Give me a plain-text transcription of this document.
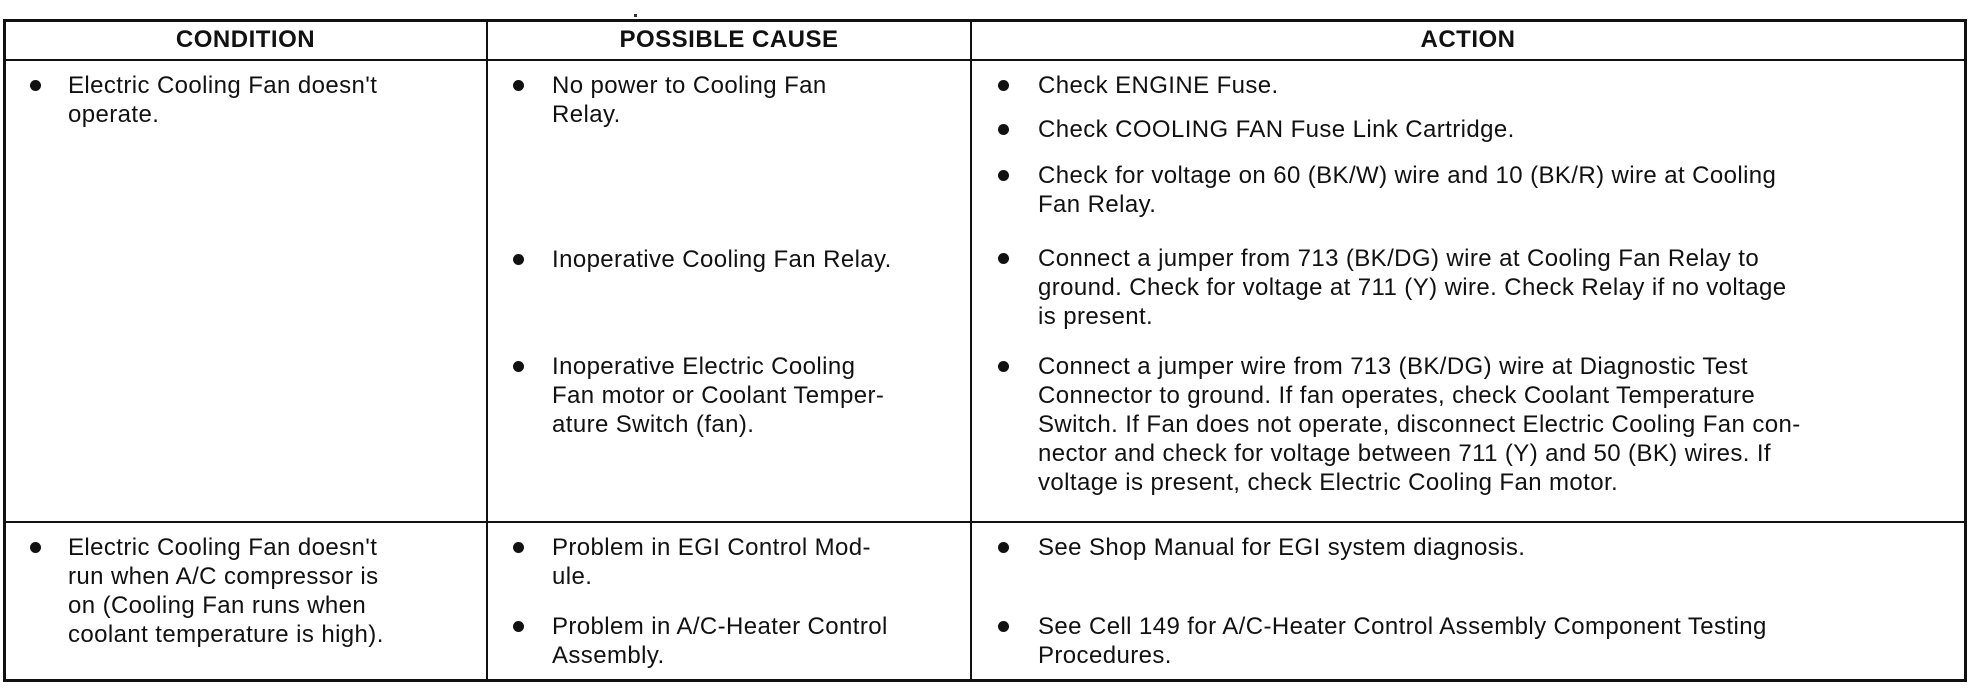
CONDITION	POSSIBLE CAUSE	ACTION
Electric Cooling Fan doesn't
operate.
No power to Cooling Fan
Relay.
Inoperative Cooling Fan Relay.
Inoperative Electric Cooling
Fan motor or Coolant Temper-
ature Switch (fan).
Check ENGINE Fuse.
Check COOLING FAN Fuse Link Cartridge.
Check for voltage on 60 (BK/W) wire and 10 (BK/R) wire at Cooling
Fan Relay.
Connect a jumper from 713 (BK/DG) wire at Cooling Fan Relay to
ground. Check for voltage at 711 (Y) wire. Check Relay if no voltage
is present.
Connect a jumper wire from 713 (BK/DG) wire at Diagnostic Test
Connector to ground. If fan operates, check Coolant Temperature
Switch. If Fan does not operate, disconnect Electric Cooling Fan con-
nector and check for voltage between 711 (Y) and 50 (BK) wires. If
voltage is present, check Electric Cooling Fan motor.
Electric Cooling Fan doesn't
run when A/C compressor is
on (Cooling Fan runs when
coolant temperature is high).
Problem in EGI Control Mod-
ule.
Problem in A/C-Heater Control
Assembly.
See Shop Manual for EGI system diagnosis.
See Cell 149 for A/C-Heater Control Assembly Component Testing
Procedures.
